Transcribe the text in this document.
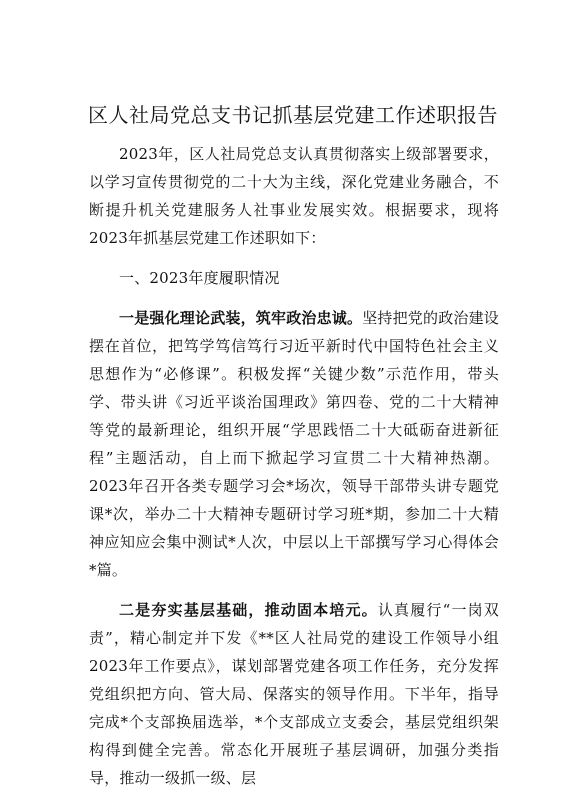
区人社局党总支书记抓基层党建工作述职报告

2023年，区人社局党总支认真贯彻落实上级部署要求，以学习宣传贯彻党的二十大为主线，深化党建业务融合，不断提升机关党建服务人社事业发展实效。根据要求，现将2023年抓基层党建工作述职如下：

一、2023年度履职情况

一是强化理论武装，筑牢政治忠诚。坚持把党的政治建设摆在首位，把笃学笃信笃行习近平新时代中国特色社会主义思想作为“必修课”。积极发挥“关键少数”示范作用，带头学、带头讲《习近平谈治国理政》第四卷、党的二十大精神等党的最新理论，组织开展“学思践悟二十大砥砺奋进新征程”主题活动，自上而下掀起学习宣贯二十大精神热潮。2023年召开各类专题学习会*场次，领导干部带头讲专题党课*次，举办二十大精神专题研讨学习班*期，参加二十大精神应知应会集中测试*人次，中层以上干部撰写学习心得体会*篇。

二是夯实基层基础，推动固本培元。认真履行“一岗双责”，精心制定并下发《**区人社局党的建设工作领导小组2023年工作要点》，谋划部署党建各项工作任务，充分发挥党组织把方向、管大局、保落实的领导作用。下半年，指导完成*个支部换届选举，*个支部成立支委会，基层党组织架构得到健全完善。常态化开展班子基层调研，加强分类指导，推动一级抓一级、层
